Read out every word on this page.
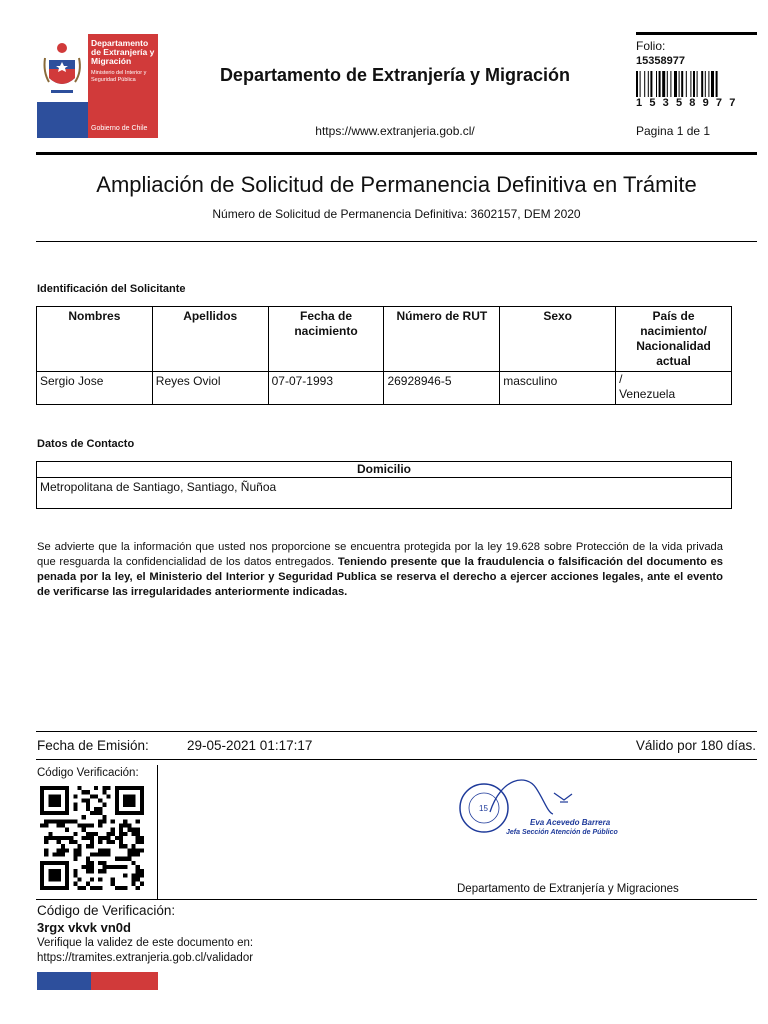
Departamento de Extranjería y Migración
Ministerio del Interior y Seguridad Pública
Gobierno de Chile
Departamento de Extranjería y Migración
https://www.extranjeria.gob.cl/
Folio:
15358977
15358977
Pagina 1 de 1
Ampliación de Solicitud de Permanencia Definitiva en Trámite
Número de Solicitud de Permanencia Definitiva: 3602157, DEM 2020
Identificación del Solicitante
Nombres	Apellidos	Fecha de nacimiento	Número de RUT	Sexo	País de nacimiento/ Nacionalidad actual
Sergio Jose	Reyes Oviol	07-07-1993	26928946-5	masculino	/
Venezuela
Datos de Contacto
Domicilio
Metropolitana de Santiago, Santiago, Ñuñoa
Se advierte que la información que usted nos proporcione se encuentra protegida por la ley 19.628 sobre Protección de la vida privada que resguarda la confidencialidad de los datos entregados. Teniendo presente que la fraudulencia o falsificación del documento es penada por la ley, el Ministerio del Interior y Seguridad Publica se reserva el derecho a ejercer acciones legales, ante el evento de verificarse las irregularidades anteriormente indicadas.
Fecha de Emisión:	29-05-2021 01:17:17	Válido por 180 días.
Código Verificación:
15
Eva Acevedo Barrera
Jefa Sección Atención de Público
Departamento de Extranjería y Migraciones
Código de Verificación:
3rgx vkvk vn0d
Verifique la validez de este documento en:
https://tramites.extranjeria.gob.cl/validador
